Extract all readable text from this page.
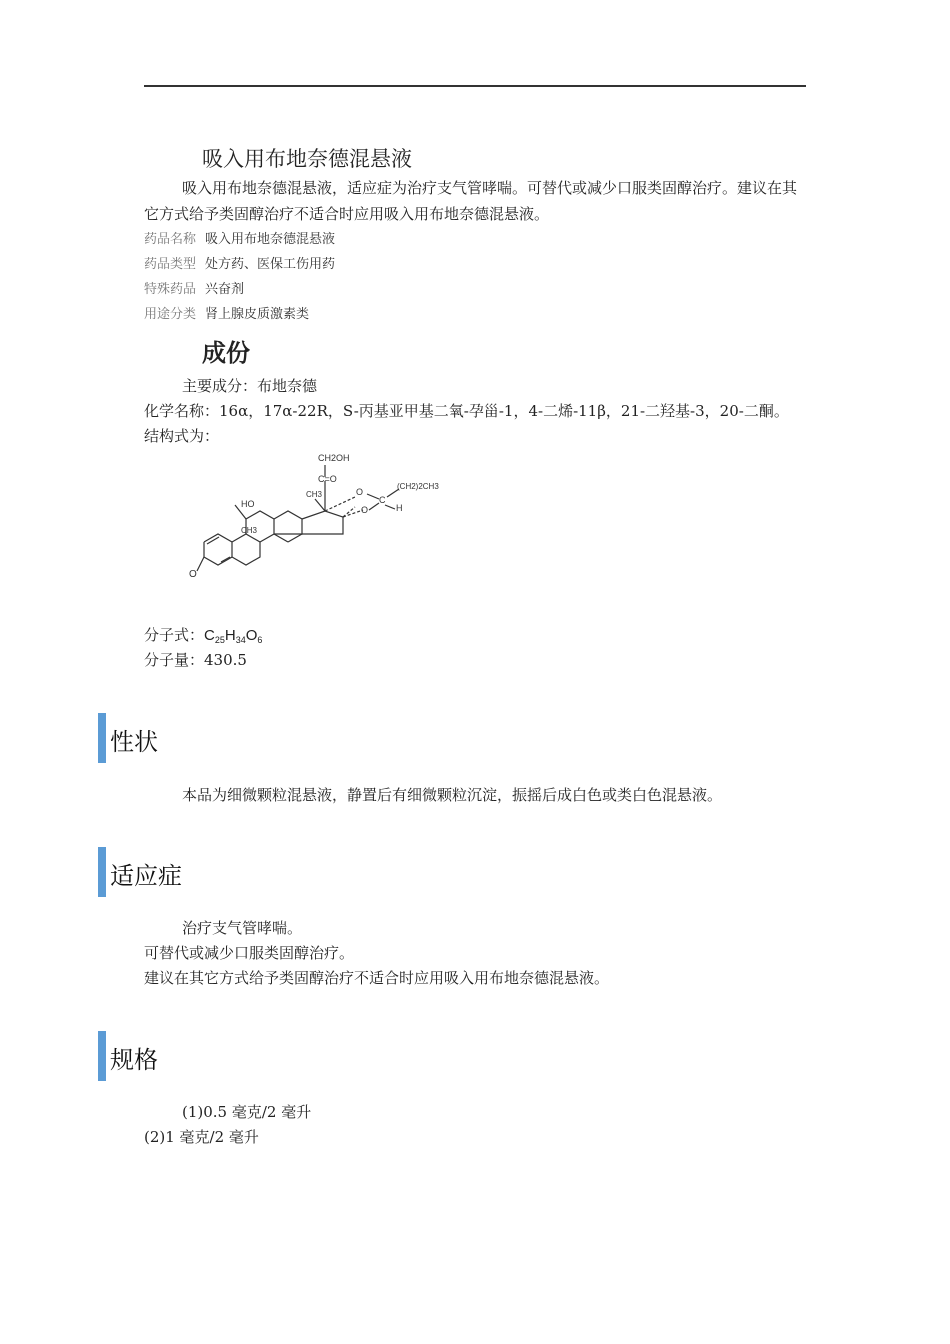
吸入用布地奈德混悬液
吸入用布地奈德混悬液，适应症为治疗支气管哮喘。可替代或减少口服类固醇治疗。建议在其它方式给予类固醇治疗不适合时应用吸入用布地奈德混悬液。
药品名称 吸入用布地奈德混悬液
药品类型 处方药、医保工伤用药
特殊药品 兴奋剂
用途分类 肾上腺皮质激素类
成份
主要成分：布地奈德
化学名称：16α，17α-22R，S-丙基亚甲基二氧-孕甾-1，4-二烯-11β，21-二羟基-3，20-二酮。
结构式为：
CH2OH
C=O
CH3
CH3
HO
O
O
C
H
(CH2)2CH3
O
分子式：$C_{25}H_{34}O_6$
分子量：430.5
性状
本品为细微颗粒混悬液，静置后有细微颗粒沉淀，振摇后成白色或类白色混悬液。
适应症
治疗支气管哮喘。
可替代或减少口服类固醇治疗。
建议在其它方式给予类固醇治疗不适合时应用吸入用布地奈德混悬液。
规格
(1)0.5 毫克/2 毫升
(2)1 毫克/2 毫升
